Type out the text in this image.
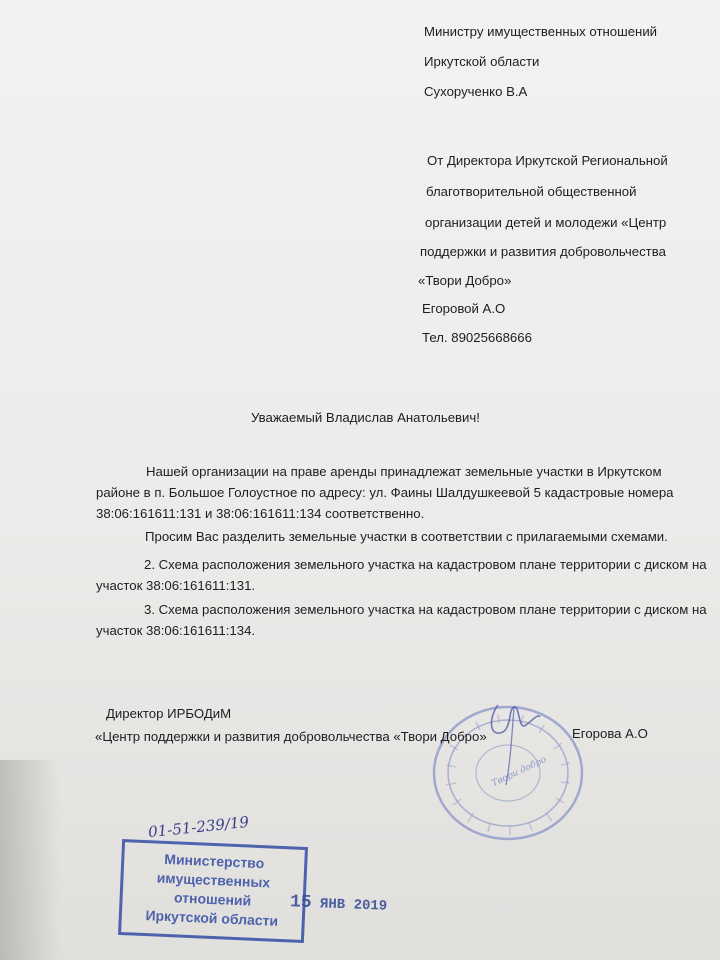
Министру имущественных отношений
Иркутской области
Сухорученко В.А
От Директора Иркутской Региональной
благотворительной общественной
организации детей и молодежи «Центр
поддержки и развития добровольчества
«Твори Добро»
Егоровой А.О
Тел. 89025668666
Уважаемый Владислав Анатольевич!
Нашей организации на праве аренды принадлежат земельные участки в Иркутском
районе в п. Большое Голоустное по адресу: ул. Фаины Шалдушкеевой 5 кадастровые номера
38:06:161611:131 и 38:06:161611:134 соответственно.
Просим Вас разделить земельные участки в соответствии с прилагаемыми схемами.
2. Схема расположения земельного участка на кадастровом плане территории с диском на
участок 38:06:161611:131.
3. Схема расположения земельного участка на кадастровом плане территории с диском на
участок 38:06:161611:134.
Твори добро
Директор ИРБОДиМ
«Центр поддержки и развития добровольчества «Твори Добро»	Егорова А.О
01-51-239/19
Министерство имущественных
отношений
Иркутской области
15 ЯНВ 2019
